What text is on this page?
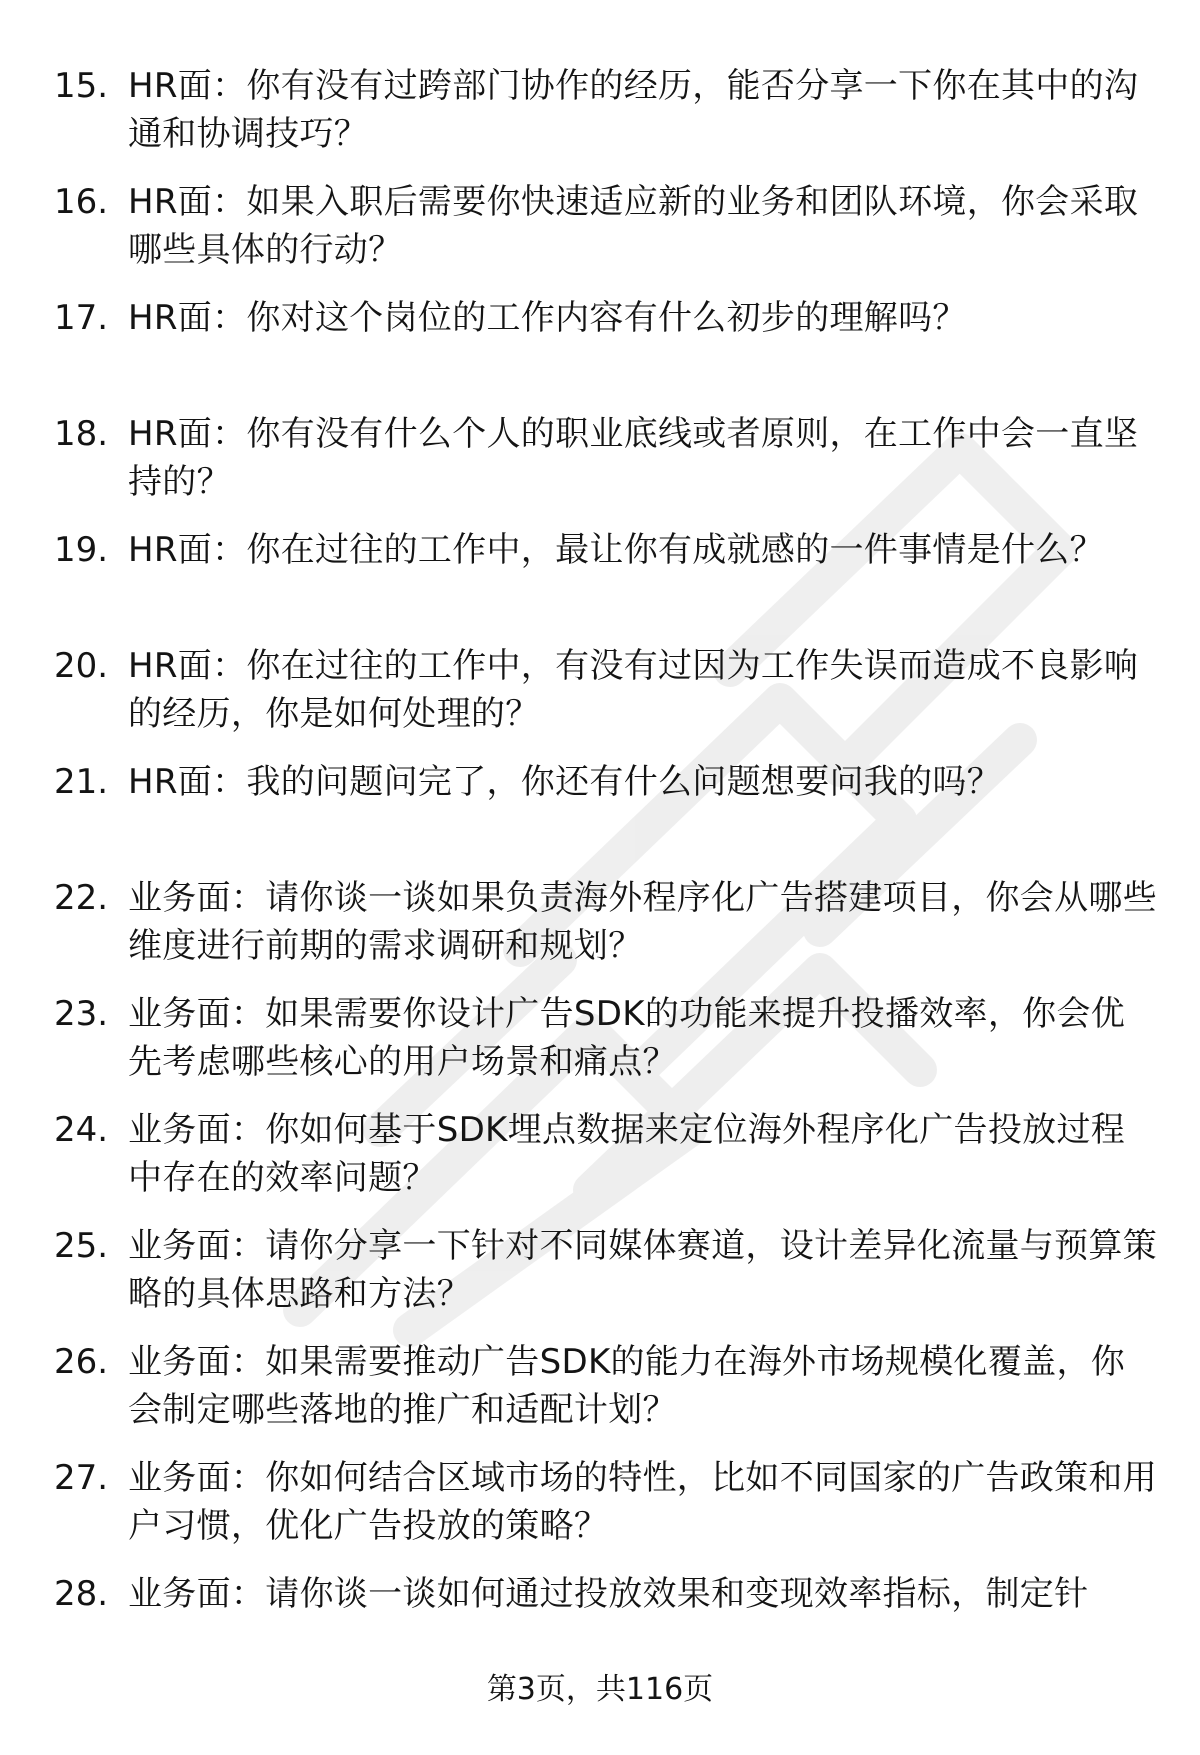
15. HR面：你有没有过跨部门协作的经历，能否分享一下你在其中的沟通和协调技巧？
16. HR面：如果入职后需要你快速适应新的业务和团队环境，你会采取哪些具体的行动？
17. HR面：你对这个岗位的工作内容有什么初步的理解吗？
18. HR面：你有没有什么个人的职业底线或者原则，在工作中会一直坚持的？
19. HR面：你在过往的工作中，最让你有成就感的一件事情是什么？
20. HR面：你在过往的工作中，有没有过因为工作失误而造成不良影响的经历，你是如何处理的？
21. HR面：我的问题问完了，你还有什么问题想要问我的吗？
22. 业务面：请你谈一谈如果负责海外程序化广告搭建项目，你会从哪些维度进行前期的需求调研和规划？
23. 业务面：如果需要你设计广告SDK的功能来提升投播效率，你会优先考虑哪些核心的用户场景和痛点？
24. 业务面：你如何基于SDK埋点数据来定位海外程序化广告投放过程中存在的效率问题？
25. 业务面：请你分享一下针对不同媒体赛道，设计差异化流量与预算策略的具体思路和方法？
26. 业务面：如果需要推动广告SDK的能力在海外市场规模化覆盖，你会制定哪些落地的推广和适配计划？
27. 业务面：你如何结合区域市场的特性，比如不同国家的广告政策和用户习惯，优化广告投放的策略？
28. 业务面：请你谈一谈如何通过投放效果和变现效率指标，制定针
第3页，共116页
